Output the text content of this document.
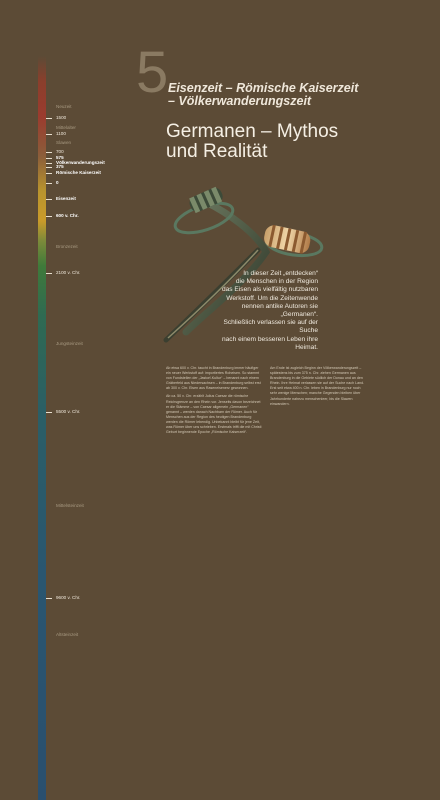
Neuzeit
1500
Mittelalter
1100
Slawen
700
575
Völkerwanderungszeit
375
Römische Kaiserzeit
0
Eisenzeit
600 v. Chr.
Bronzezeit
2100 v. Chr.
Jungsteinzeit
5500 v. Chr.
Mittelsteinzeit
9600 v. Chr.
Altsteinzeit
5 Eisenzeit – Römische Kaiserzeit
– Völkerwanderungszeit
Germanen – Mythos
und Realität
In dieser Zeit „entdecken“
die Menschen in der Region
das Eisen als vielfältig nutzbaren
Werkstoff. Um die Zeitenwende
nennen antike Autoren sie „Germanen“.
Schließlich verlassen sie auf der Suche
nach einem besseren Leben ihre Heimat.

Ab etwa 600 v. Chr. taucht in Brandenburg immer häufiger ein neuer Werkstoff auf: importiertes Roheisen. So stammt von Fundstellen der „Jastorf-Kultur“ – benannt nach einem Gräberfeld aus Niedersachsen – in Brandenburg selbst erst ab 300 v. Chr. Eisen aus Raseneisenerz gewonnen.

Ab ca. 50 v. Chr. erzählt Julius Caesar die römische Reichsgrenze an den Rhein vor. Jenseits davon bezeichnet er die Stämme – von Caesar allgemein „Germanen“ genannt – werden danach Nachbarn der Römer. Auch für Menschen aus der Region des heutigen Brandenburg werden die Römer lebendig. Unbekannt bleibt für jene Zeit, was Römer über uns schrieben. Erstmals trifft die mit Christi Geburt beginnende Epoche „Römische Kaiserzeit“.

Am Ende ist zugleich Beginn der Völkerwanderungszeit – spätestens bis zum 375 n. Chr. ziehen Germanen aus Brandenburg in die Gebiete südlich der Donau und an den Rhein. Ihre Heimat verlassen sie auf der Suche nach Land. Erst seit etwa 400 n. Chr. leben in Brandenburg nur noch sehr wenige Menschen; manche Gegenden bleiben über Jahrhunderte nahezu menschenleer, bis die Slawen einwandern.
